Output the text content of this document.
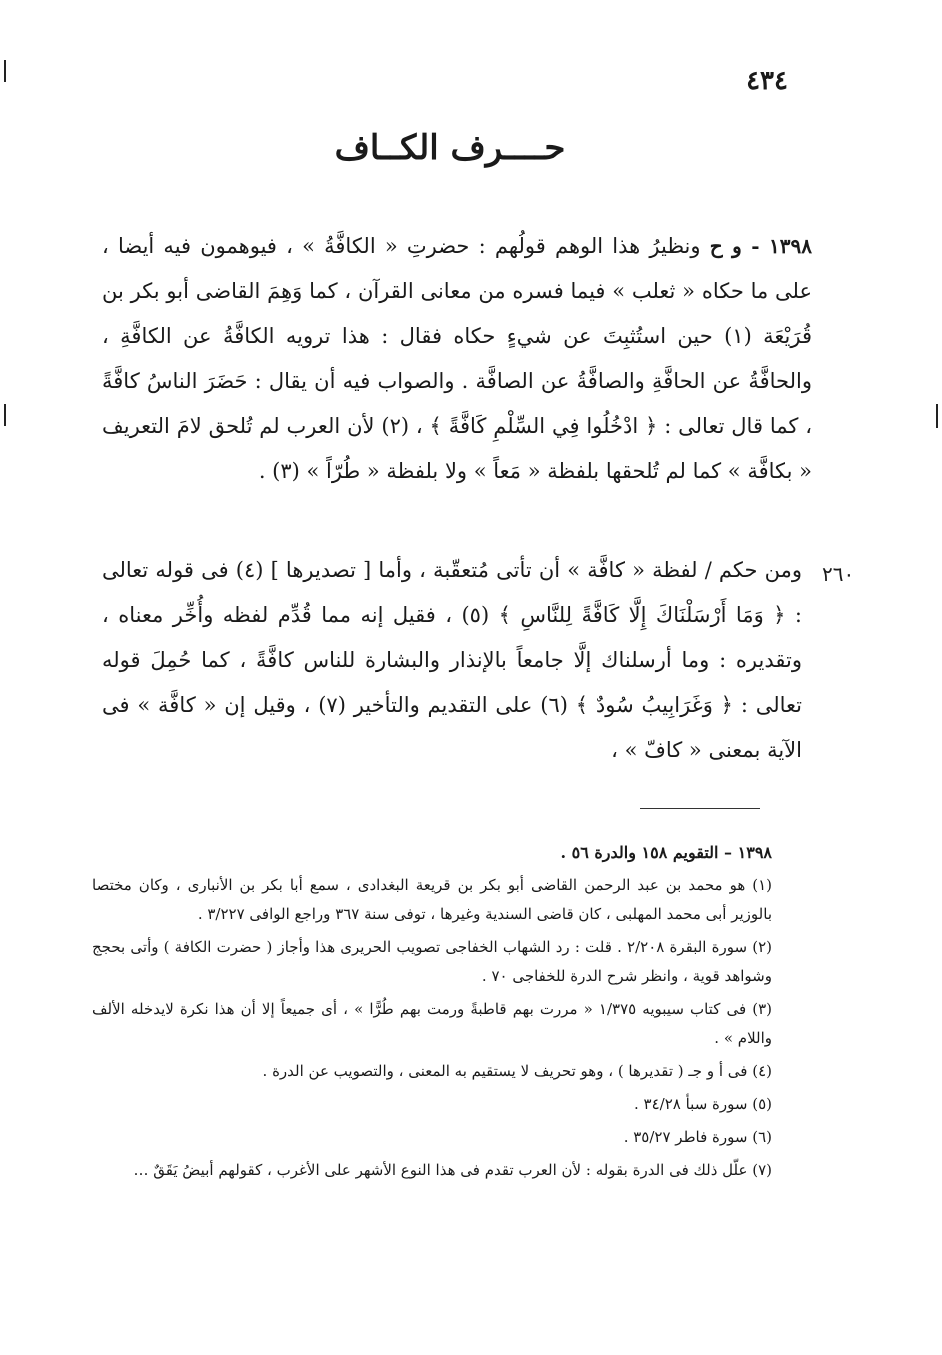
٤٣٤
حــــرف الكــاف
١٣٩٨ - و ح ونظيرُ هذا الوهم قولُهم : حضرتِ « الكافَّةُ » ، فيوهمون فيه أيضا ، على ما حكاه « ثعلب » فيما فسره من معانى القرآن ، كما وَهِمَ القاضى أبو بكر بن قُرَيْعَة (١) حين استُثبِتَ عن شيءٍ حكاه فقال : هذا ترويه الكافَّةُ عن الكافَّةِ ، والحافَّةُ عن الحافَّةِ والصافَّةُ عن الصافَّة . والصواب فيه أن يقال : حَضَرَ الناسُ كافَّةً ، كما قال تعالى : ﴿ ادْخُلُوا فِي السِّلْمِ كَافَّةً ﴾ ، (٢) لأن العرب لم تُلحق لامَ التعريف « بكافَّة » كما لم تُلحقها بلفظة « مَعاً » ولا بلفظة « طُرّاً » (٣) .
٢٦٠
ومن حكم / لفظة « كافَّة » أن تأتى مُتعقّبة ، وأما [ تصديرها ] (٤) فى قوله تعالى : ﴿ وَمَا أَرْسَلْنَاكَ إِلَّا كَافَّةً لِلنَّاسِ ﴾ (٥) ، فقيل إنه مما قُدِّم لفظه وأُخِّر معناه ، وتقديره : وما أرسلناك إلَّا جامعاً بالإنذار والبشارة للناس كافَّةً ، كما حُمِلَ قوله تعالى : ﴿ وَغَرَابِيبُ سُودٌ ﴾ (٦) على التقديم والتأخير (٧) ، وقيل إن « كافَّة » فى الآية بمعنى « كافّ » ،

١٣٩٨ – التقويم ١٥٨ والدرة ٥٦ .

(١) هو محمد بن عبد الرحمن القاضى أبو بكر بن قريعة البغدادى ، سمع أبا بكر بن الأنبارى ، وكان مختصا بالوزير أبى محمد المهلبى ، كان قاضى السندية وغيرها ، توفى سنة ٣٦٧ وراجع الوافى ٣/٢٢٧ .

(٢) سورة البقرة ٢/٢٠٨ . قلت : رد الشهاب الخفاجى تصويب الحريرى هذا وأجاز ( حضرت الكافة ) وأتى بحجج وشواهد قوية ، وانظر شرح الدرة للخفاجى ٧٠ .

(٣) فى كتاب سيبويه ١/٣٧٥ « مررت بهم قاطبةً ورمت بهم طُرًّا » ، أى جميعاً إلا أن هذا نكرة لايدخله الألف واللام » .

(٤) فى أ و جـ ( تقديرها ) ، وهو تحريف لا يستقيم به المعنى ، والتصويب عن الدرة .

(٥) سورة سبأ ٣٤/٢٨ .

(٦) سورة فاطر ٣٥/٢٧ .

(٧) علّل ذلك فى الدرة بقوله : لأن العرب تقدم فى هذا النوع الأشهر على الأغرب ، كقولهم أبيضُ يَقَقٌ …
